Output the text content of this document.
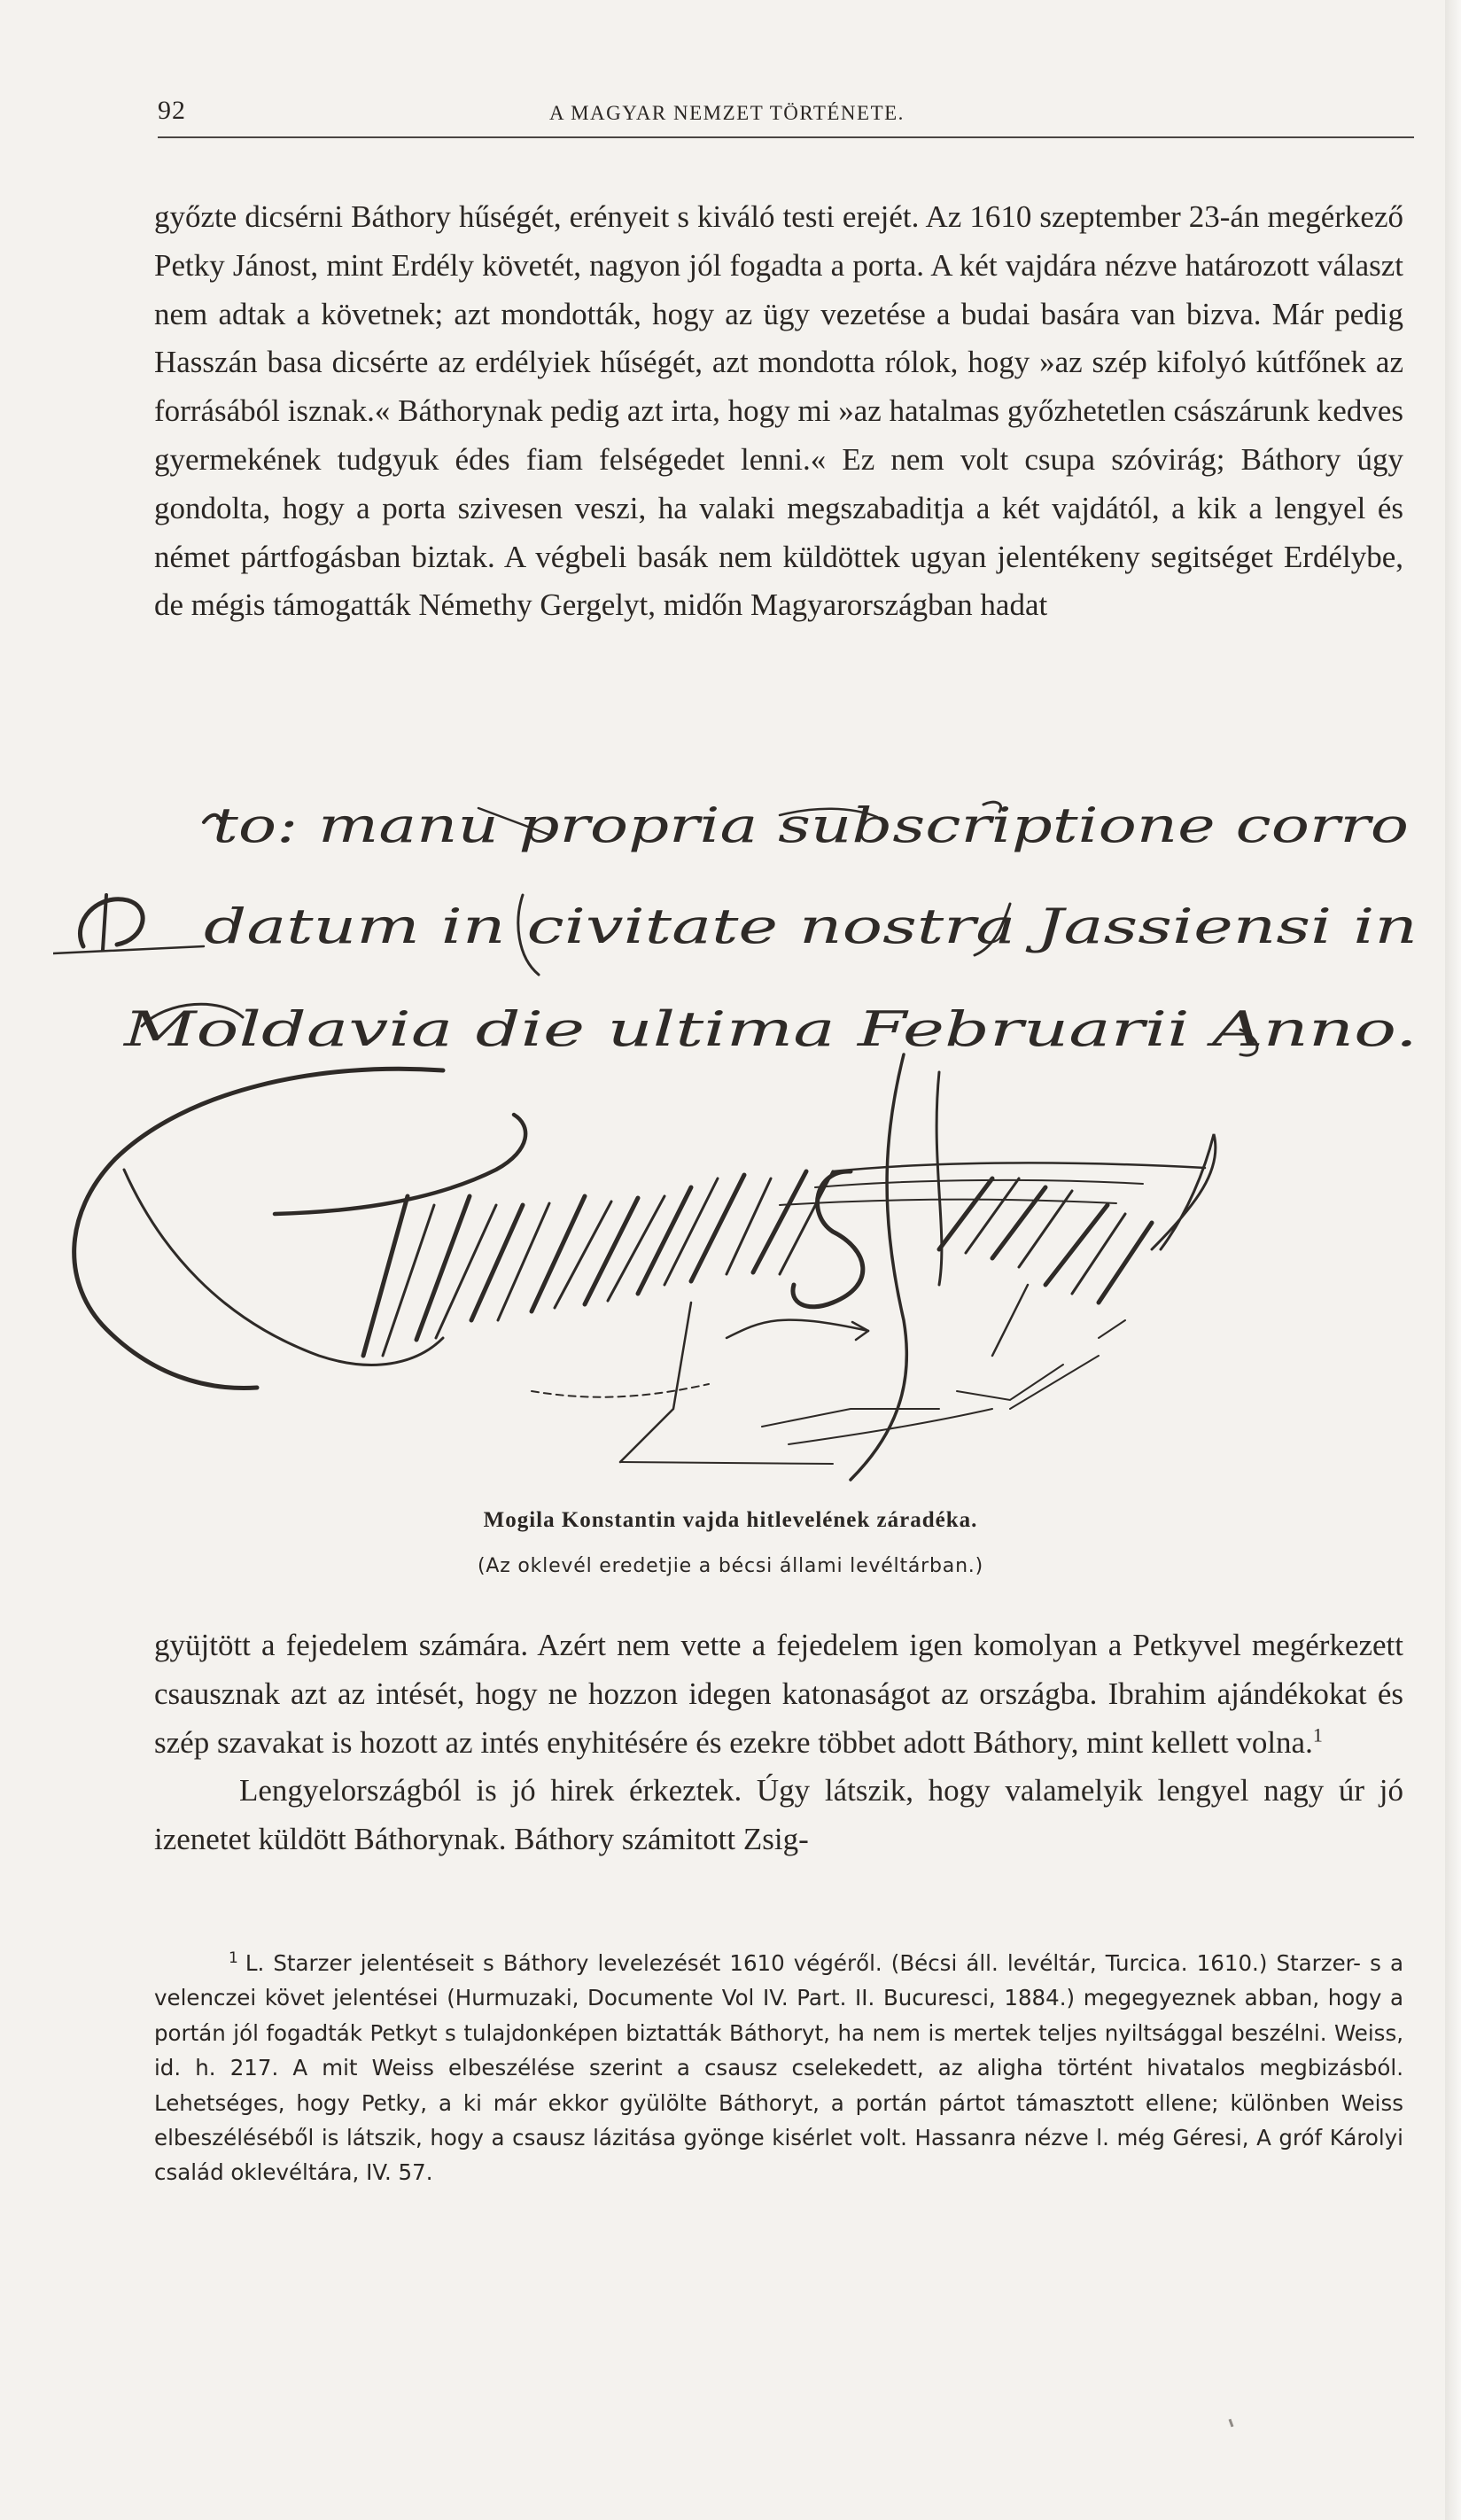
92	A MAGYAR NEMZET TÖRTÉNETE.

győzte dicsérni Báthory hűségét, erényeit s kiváló testi erejét. Az 1610 szeptember 23-án megérkező Petky Jánost, mint Erdély követét, nagyon jól fogadta a porta. A két vajdára nézve határozott választ nem adtak a követnek; azt mondották, hogy az ügy vezetése a budai basára van bizva. Már pedig Hasszán basa dicsérte az erdélyiek hűségét, azt mondotta rólok, hogy »az szép kifolyó kútfőnek az forrásából isznak.« Báthorynak pedig azt irta, hogy mi »az hatalmas győzhetetlen császárunk kedves gyermekének tudgyuk édes fiam felségedet lenni.« Ez nem volt csupa szóvirág; Báthory úgy gondolta, hogy a porta szivesen veszi, ha valaki megszabaditja a két vajdától, a kik a lengyel és német pártfogásban biztak. A végbeli basák nem küldöttek ugyan jelentékeny segitséget Erdélybe, de mégis támogatták Némethy Gergelyt, midőn Magyarországban hadat

to: manu propria subscriptione corro
datum in civitate nostra Jassiensi in
Moldavia die ultima Februarii Anno.
Mogila Konstantin vajda hitlevelének záradéka.
(Az oklevél eredetjie a bécsi állami levéltárban.)

gyüjtött a fejedelem számára. Azért nem vette a fejedelem igen komolyan a Petkyvel megérkezett csausznak azt az intését, hogy ne hozzon idegen katonaságot az országba. Ibrahim ajándékokat és szép szavakat is hozott az intés enyhitésére és ezekre többet adott Báthory, mint kellett volna.$^1$

Lengyelországból is jó hirek érkeztek. Úgy látszik, hogy valamelyik lengyel nagy úr jó izenetet küldött Báthorynak. Báthory számitott Zsig-

$^1$ L. Starzer jelentéseit s Báthory levelezését 1610 végéről. (Bécsi áll. levéltár, Turcica. 1610.) Starzer- s a velenczei követ jelentései (Hurmuzaki, Documente Vol IV. Part. II. Bucuresci, 1884.) megegyeznek abban, hogy a portán jól fogadták Petkyt s tulajdonképen biztatták Báthoryt, ha nem is mertek teljes nyiltsággal beszélni. Weiss, id. h. 217. A mit Weiss elbeszélése szerint a csausz cselekedett, az aligha történt hivatalos megbizásból. Lehetséges, hogy Petky, a ki már ekkor gyülölte Báthoryt, a portán pártot támasztott ellene; különben Weiss elbeszéléséből is látszik, hogy a csausz lázitása gyönge kisérlet volt. Hassanra nézve l. még Géresi, A gróf Károlyi család oklevéltára, IV. 57.
